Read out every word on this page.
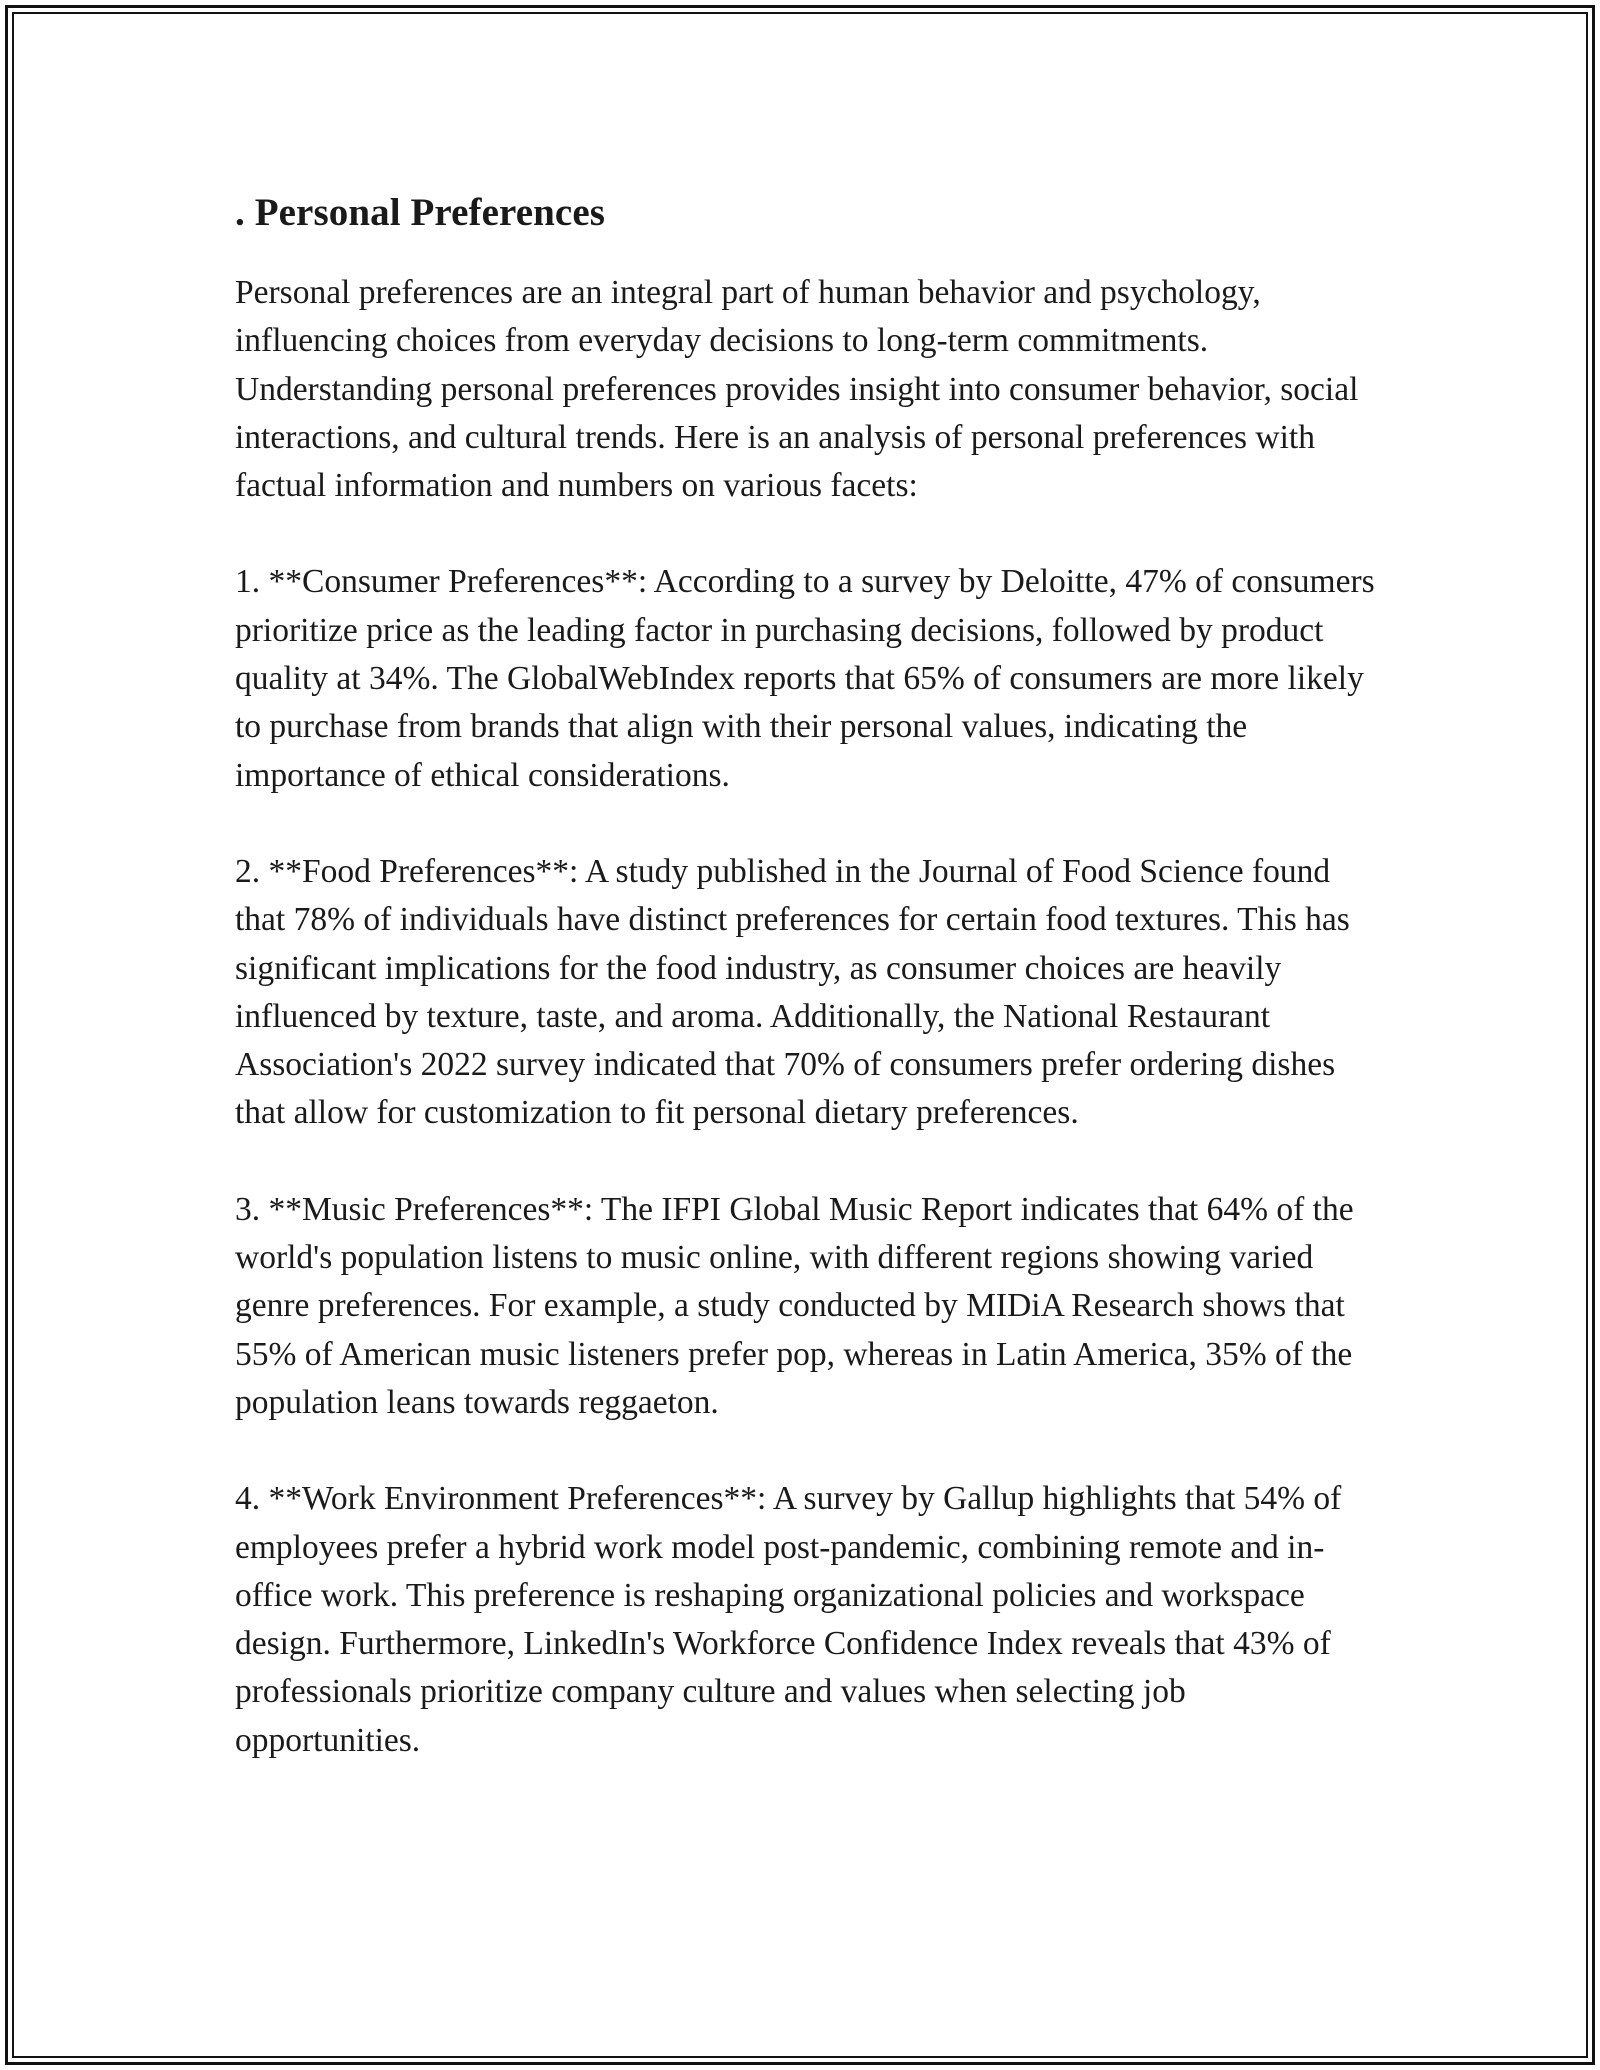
. Personal Preferences

Personal preferences are an integral part of human behavior and psychology, influencing choices from everyday decisions to long-term commitments. Understanding personal preferences provides insight into consumer behavior, social interactions, and cultural trends. Here is an analysis of personal preferences with factual information and numbers on various facets:

1. **Consumer Preferences**: According to a survey by Deloitte, 47% of consumers prioritize price as the leading factor in purchasing decisions, followed by product quality at 34%. The GlobalWebIndex reports that 65% of consumers are more likely to purchase from brands that align with their personal values, indicating the importance of ethical considerations.

2. **Food Preferences**: A study published in the Journal of Food Science found that 78% of individuals have distinct preferences for certain food textures. This has significant implications for the food industry, as consumer choices are heavily influenced by texture, taste, and aroma. Additionally, the National Restaurant Association's 2022 survey indicated that 70% of consumers prefer ordering dishes that allow for customization to fit personal dietary preferences.

3. **Music Preferences**: The IFPI Global Music Report indicates that 64% of the world's population listens to music online, with different regions showing varied genre preferences. For example, a study conducted by MIDiA Research shows that 55% of American music listeners prefer pop, whereas in Latin America, 35% of the population leans towards reggaeton.

4. **Work Environment Preferences**: A survey by Gallup highlights that 54% of employees prefer a hybrid work model post-pandemic, combining remote and in-office work. This preference is reshaping organizational policies and workspace design. Furthermore, LinkedIn's Workforce Confidence Index reveals that 43% of professionals prioritize company culture and values when selecting job opportunities.
